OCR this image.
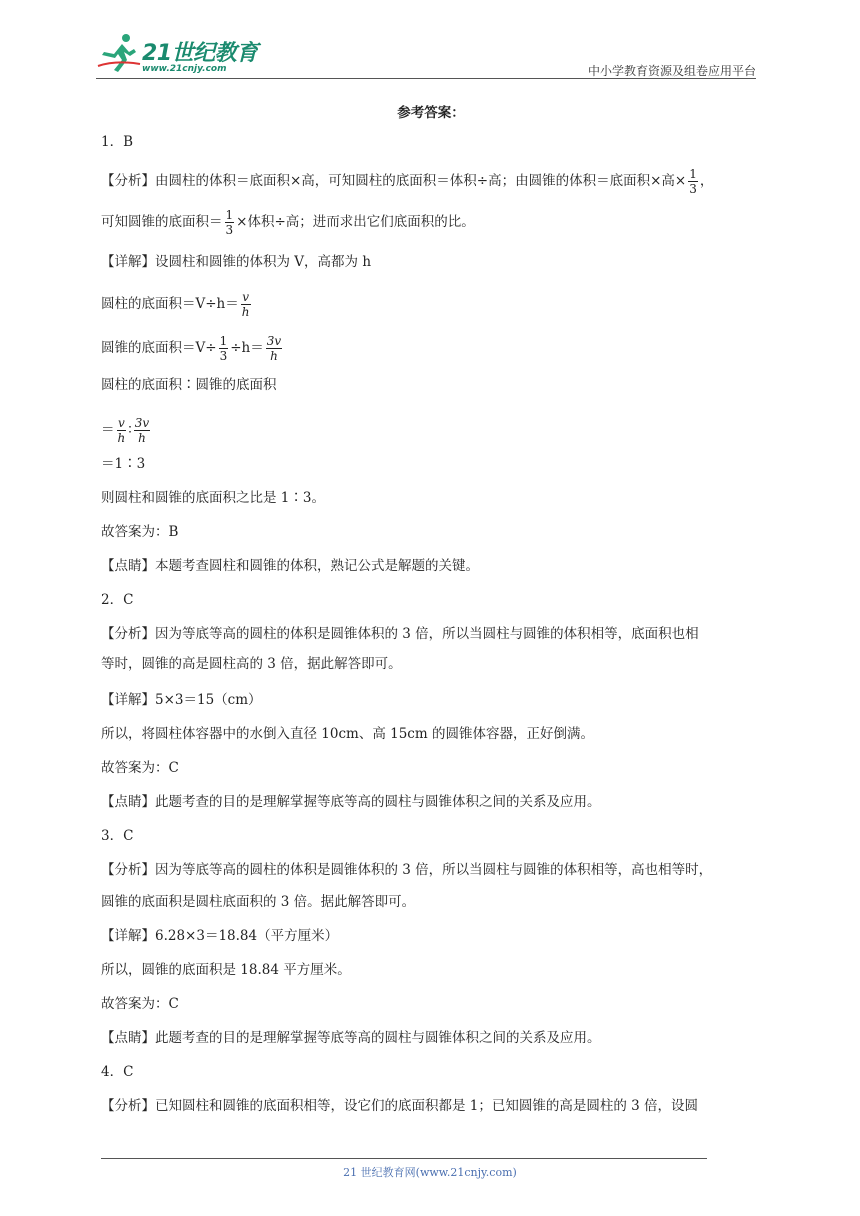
21世纪教育
www.21cnjy.com	中小学教育资源及组卷应用平台
参考答案：
1．B
【分析】由圆柱的体积＝底面积×高，可知圆柱的底面积＝体积÷高；由圆锥的体积＝底面积×高× $\frac{1}{3}$ ，
可知圆锥的底面积＝ $\frac{1}{3}$ ×体积÷高；进而求出它们底面积的比。
【详解】设圆柱和圆锥的体积为 V，高都为 h
圆柱的底面积$=V\div h= \frac{v}{h}$
圆锥的底面积$=V\div \frac{1}{3} \div h= \frac{3v}{h}$
圆柱的底面积∶圆锥的底面积
＝ $\frac{v}{h}$ ∶ $\frac{3v}{h}$
＝1∶3
则圆柱和圆锥的底面积之比是 1∶3。
故答案为：B
【点睛】本题考查圆柱和圆锥的体积，熟记公式是解题的关键。
2．C
【分析】因为等底等高的圆柱的体积是圆锥体积的 3 倍，所以当圆柱与圆锥的体积相等，底面积也相
等时，圆锥的高是圆柱高的 3 倍，据此解答即可。
【详解】5×3＝15（cm）
所以，将圆柱体容器中的水倒入直径 10cm、高 15cm 的圆锥体容器，正好倒满。
故答案为：C
【点睛】此题考查的目的是理解掌握等底等高的圆柱与圆锥体积之间的关系及应用。
3．C
【分析】因为等底等高的圆柱的体积是圆锥体积的 3 倍，所以当圆柱与圆锥的体积相等，高也相等时，
圆锥的底面积是圆柱底面积的 3 倍。据此解答即可。
【详解】6.28×3＝18.84（平方厘米）
所以，圆锥的底面积是 18.84 平方厘米。
故答案为：C
【点睛】此题考查的目的是理解掌握等底等高的圆柱与圆锥体积之间的关系及应用。
4．C
【分析】已知圆柱和圆锥的底面积相等，设它们的底面积都是 1；已知圆锥的高是圆柱的 3 倍，设圆
21 世纪教育网(www.21cnjy.com)
